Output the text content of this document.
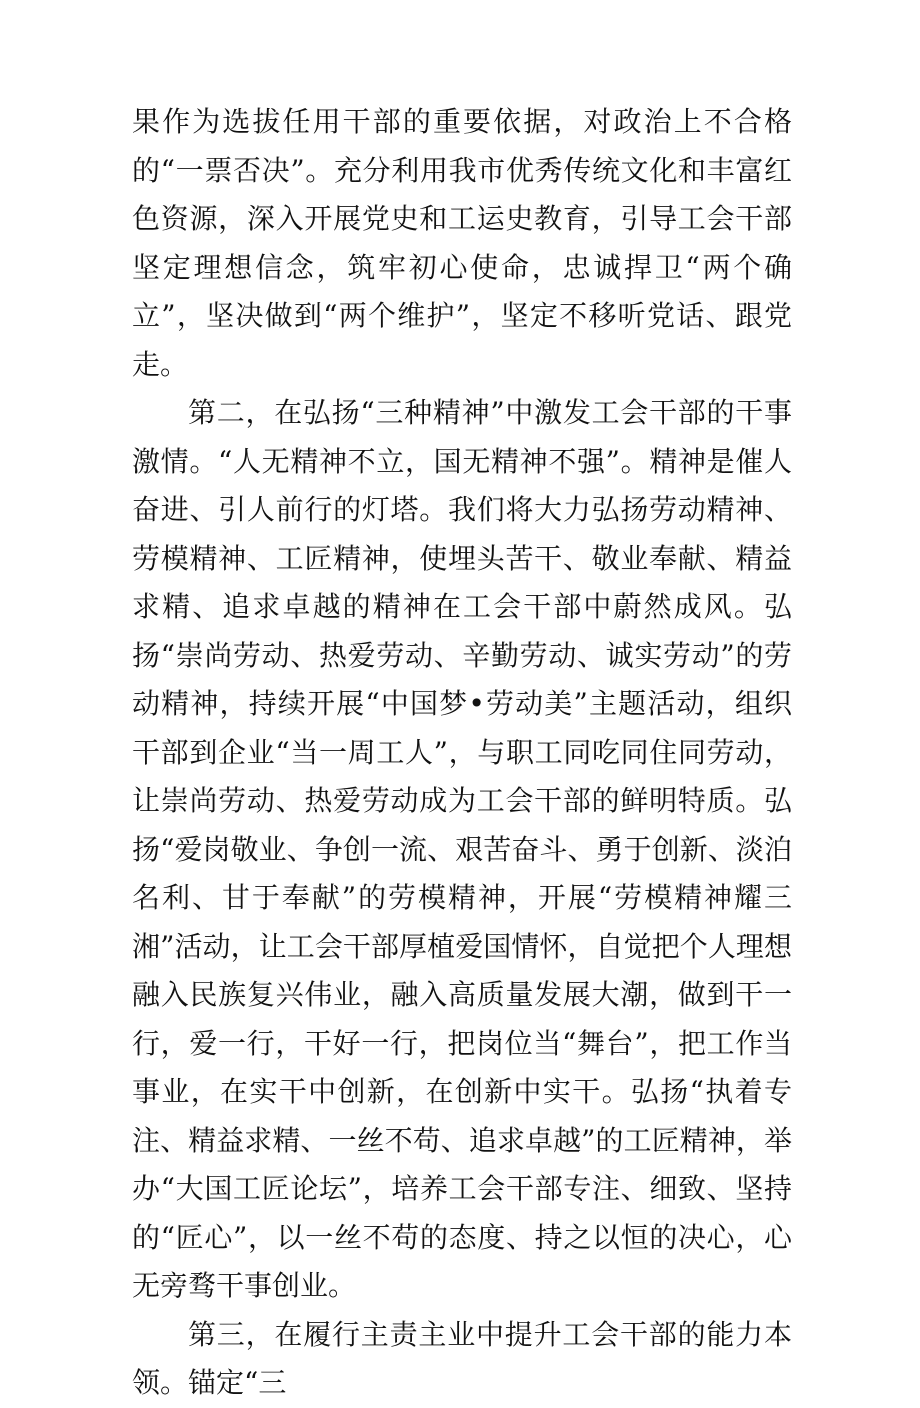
果作为选拔任用干部的重要依据，对政治上不合格的“一票否决”。充分利用我市优秀传统文化和丰富红色资源，深入开展党史和工运史教育，引导工会干部坚定理想信念，筑牢初心使命，忠诚捍卫“两个确立”，坚决做到“两个维护”，坚定不移听党话、跟党走。

第二，在弘扬“三种精神”中激发工会干部的干事激情。“人无精神不立，国无精神不强”。精神是催人奋进、引人前行的灯塔。我们将大力弘扬劳动精神、劳模精神、工匠精神，使埋头苦干、敬业奉献、精益求精、追求卓越的精神在工会干部中蔚然成风。弘扬“崇尚劳动、热爱劳动、辛勤劳动、诚实劳动”的劳动精神，持续开展“中国梦•劳动美”主题活动，组织干部到企业“当一周工人”，与职工同吃同住同劳动，让崇尚劳动、热爱劳动成为工会干部的鲜明特质。弘扬“爱岗敬业、争创一流、艰苦奋斗、勇于创新、淡泊名利、甘于奉献”的劳模精神，开展“劳模精神耀三湘”活动，让工会干部厚植爱国情怀，自觉把个人理想融入民族复兴伟业，融入高质量发展大潮，做到干一行，爱一行，干好一行，把岗位当“舞台”，把工作当事业，在实干中创新，在创新中实干。弘扬“执着专注、精益求精、一丝不苟、追求卓越”的工匠精神，举办“大国工匠论坛”，培养工会干部专注、细致、坚持的“匠心”，以一丝不苟的态度、持之以恒的决心，心无旁骛干事创业。

第三，在履行主责主业中提升工会干部的能力本领。锚定“三
